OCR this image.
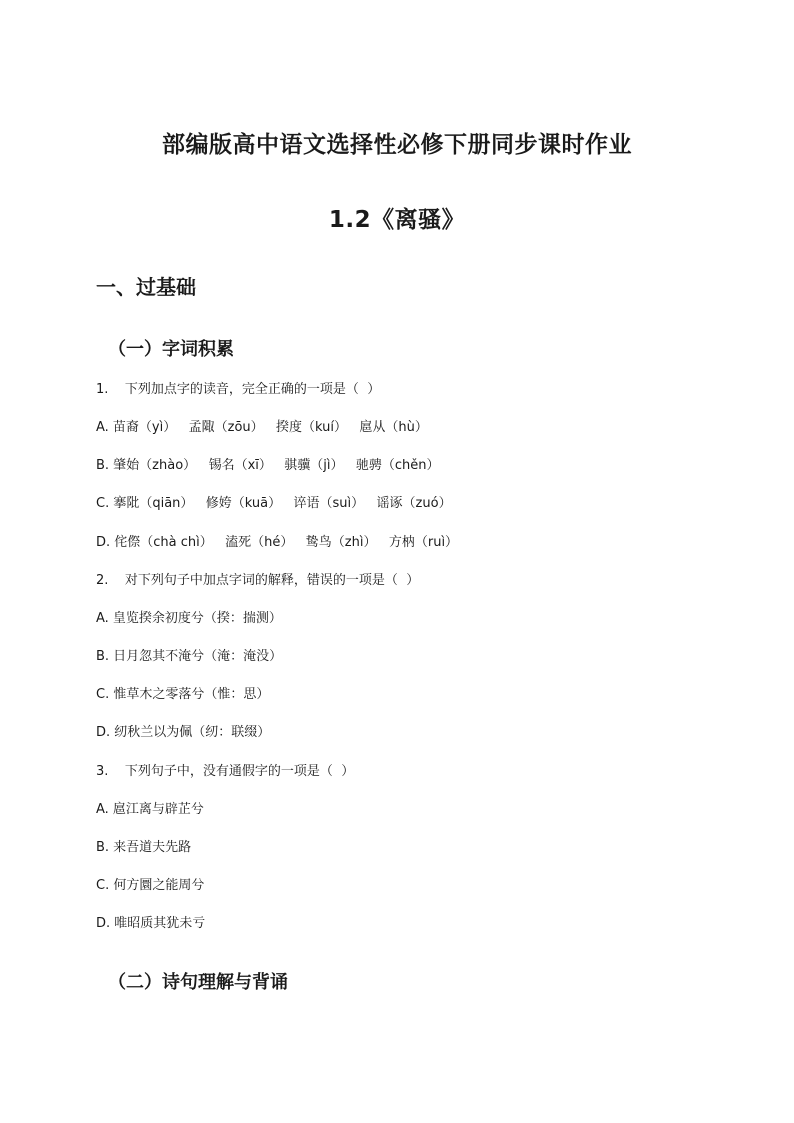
部编版高中语文选择性必修下册同步课时作业
1.2《离骚》
一、过基础
（一）字词积累
1.    下列加点字的读音，完全正确的一项是（  ）
A. 苗裔（yì）   孟陬（zōu）   揆度（kuí）   扈从（hù）
B. 肇始（zhào）   锡名（xī）   骐骥（jì）   驰骋（chěn）
C. 搴阰（qiān）   修姱（kuā）   谇语（suì）   谣诼（zuó）
D. 侘傺（chà chì）   溘死（hé）   鸷鸟（zhì）   方枘（ruì）
2.    对下列句子中加点字词的解释，错误的一项是（  ）
A. 皇览揆余初度兮（揆：揣测）
B. 日月忽其不淹兮（淹：淹没）
C. 惟草木之零落兮（惟：思）
D. 纫秋兰以为佩（纫：联缀）
3.    下列句子中，没有通假字的一项是（  ）
A. 扈江离与辟芷兮
B. 来吾道夫先路
C. 何方圜之能周兮
D. 唯昭质其犹未亏
（二）诗句理解与背诵
